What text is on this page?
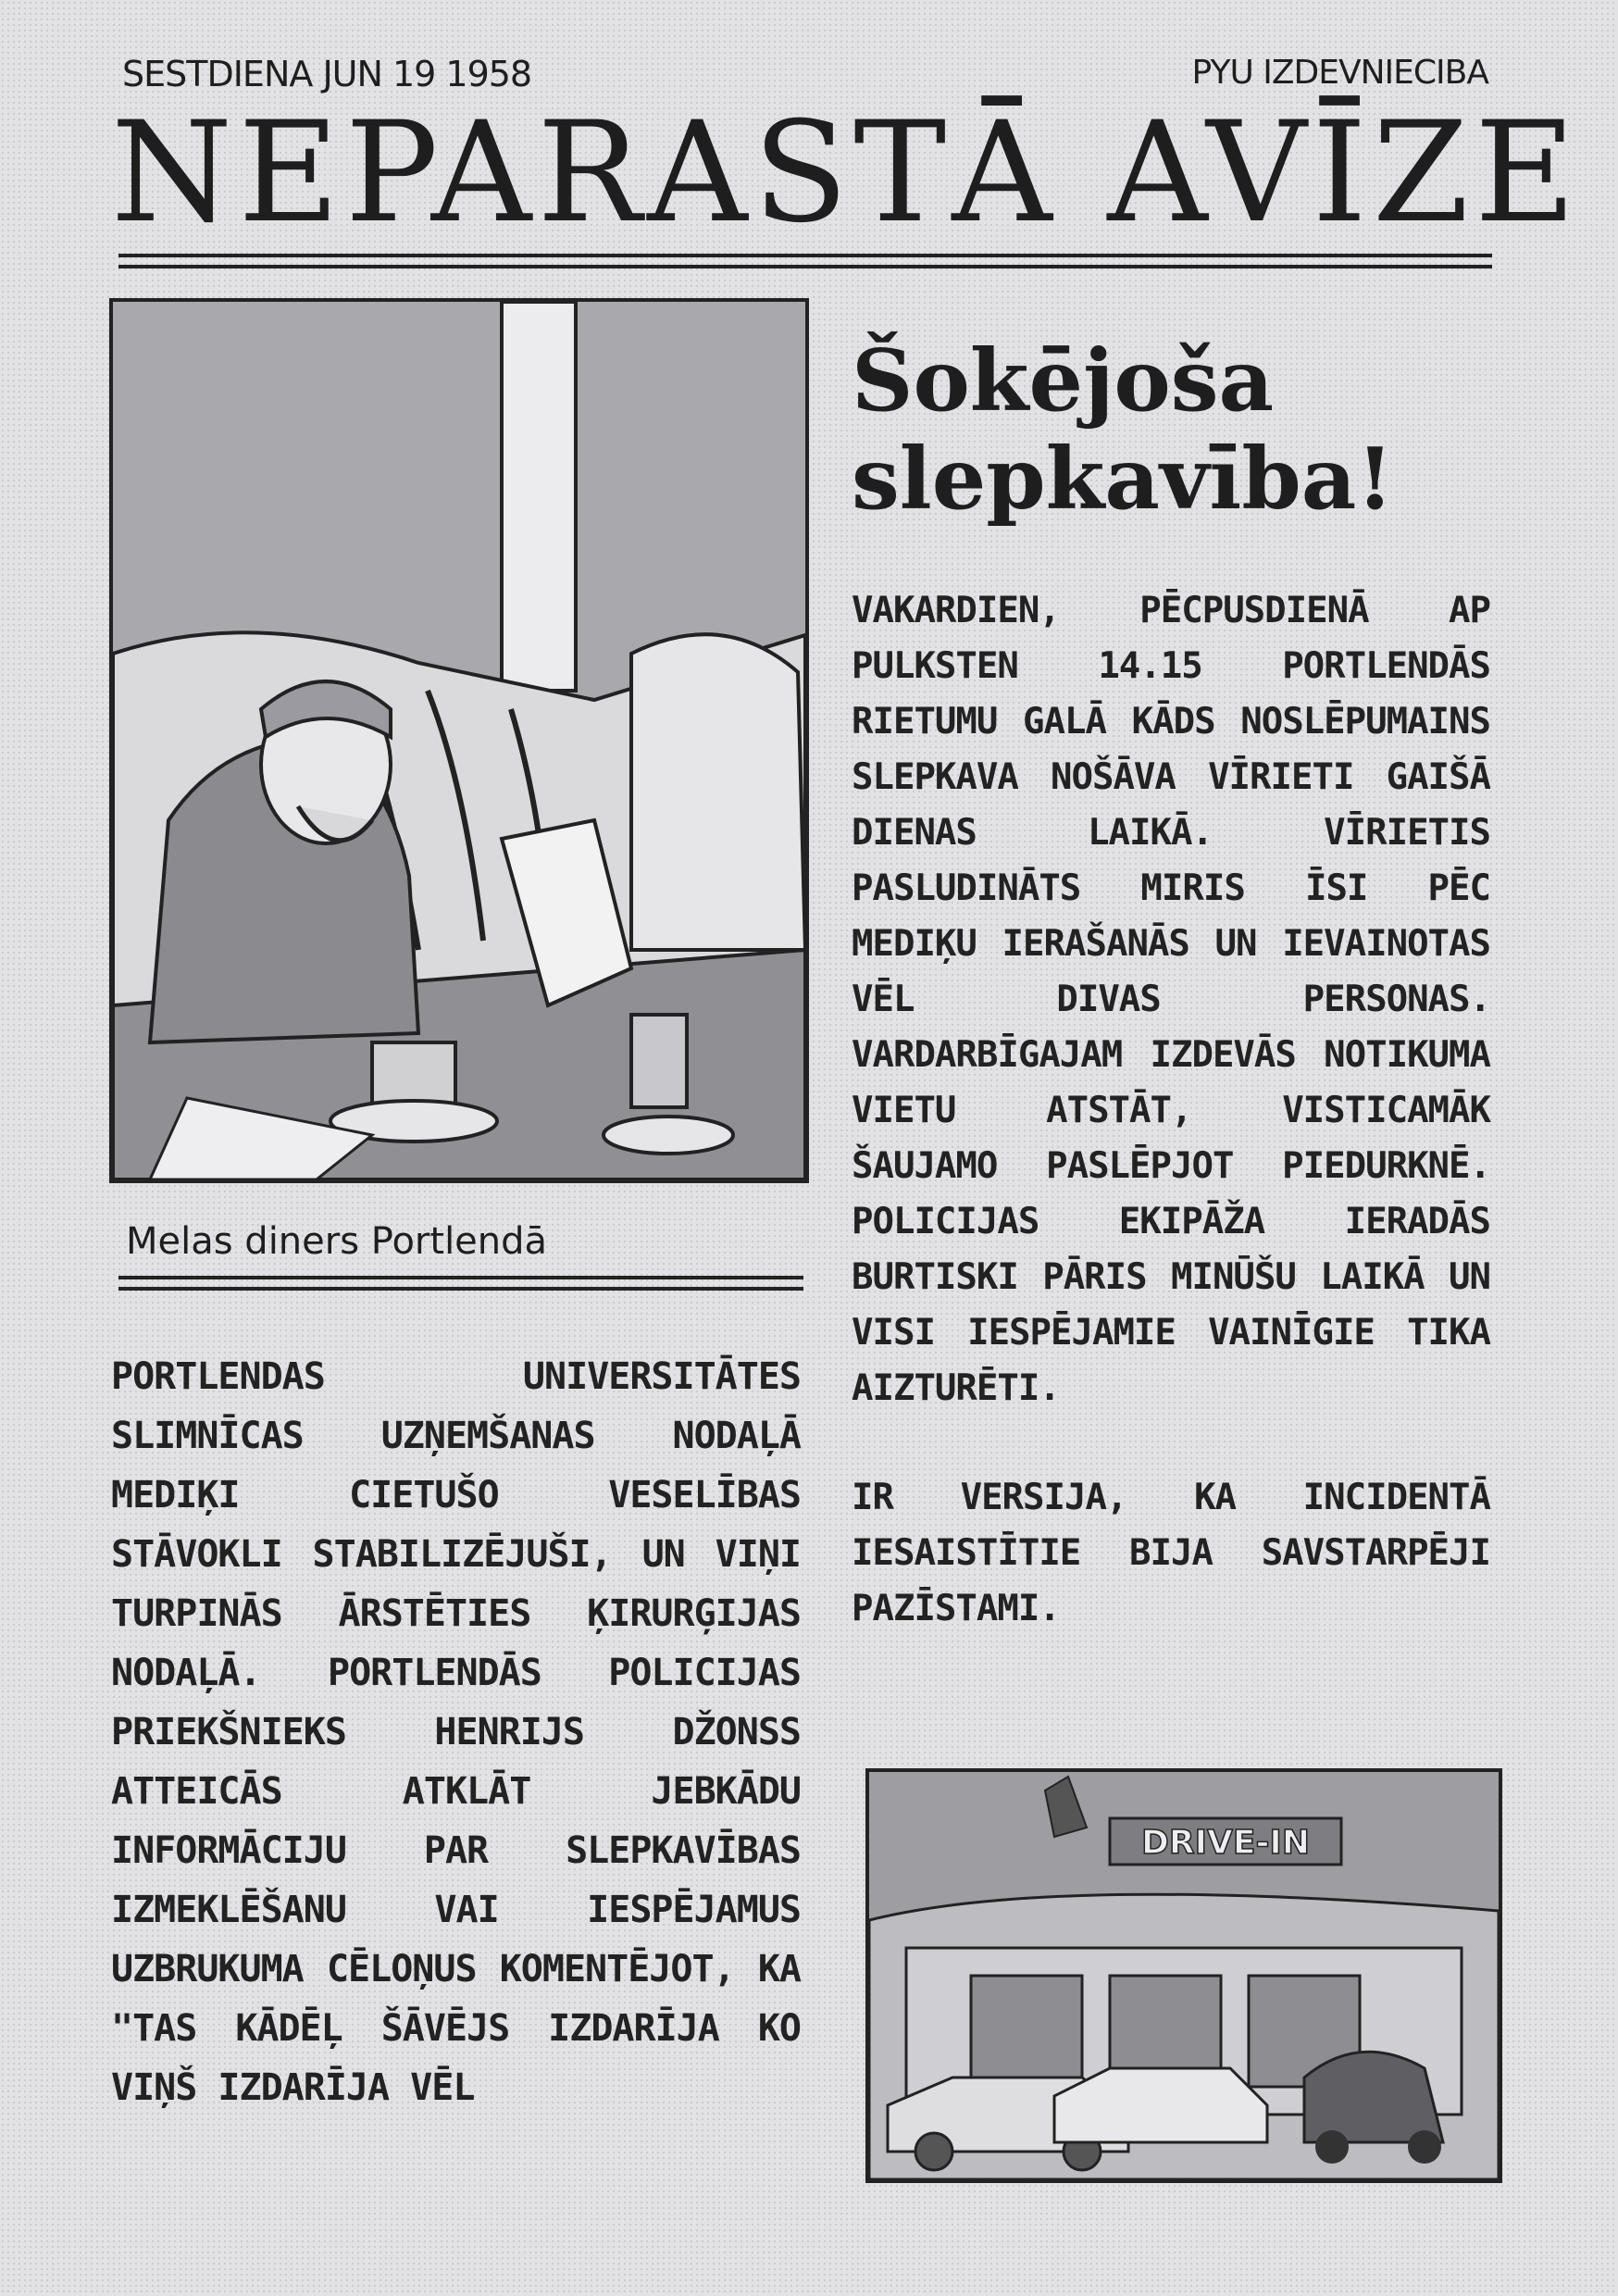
SESTDIENA JUN 19 1958	PYU IZDEVNIECIBA
NEPARASTĀ AVĪZE
Melas diners Portlendā
Šokējoša slepkavība!

VAKARDIEN, PĒCPUSDIENĀ AP PULKSTEN 14.15 PORTLENDĀS RIETUMU GALĀ KĀDS NOSLĒPUMAINS SLEPKAVA NOŠĀVA VĪRIETI GAIŠĀ DIENAS LAIKĀ. VĪRIETIS PASLUDINĀTS MIRIS ĪSI PĒC MEDIĶU IERAŠANĀS UN IEVAINOTAS VĒL DIVAS PERSONAS. VARDARBĪGAJAM IZDEVĀS NOTIKUMA VIETU ATSTĀT, VISTICAMĀK ŠAUJAMO PASLĒPJOT PIEDURKNĒ. POLICIJAS EKIPĀŽA IERADĀS BURTISKI PĀRIS MINŪŠU LAIKĀ UN VISI IESPĒJAMIE VAINĪGIE TIKA AIZTURĒTI.

IR VERSIJA, KA INCIDENTĀ IESAISTĪTIE BIJA SAVSTARPĒJI PAZĪSTAMI.

PORTLENDAS UNIVERSITĀTES SLIMNĪCAS UZŅEMŠANAS NODAĻĀ MEDIĶI CIETUŠO VESELĪBAS STĀVOKLI STABILIZĒJUŠI, UN VIŅI TURPINĀS ĀRSTĒTIES ĶIRURĢIJAS NODAĻĀ. PORTLENDĀS POLICIJAS PRIEKŠNIEKS HENRIJS DŽONSS ATTEICĀS ATKLĀT JEBKĀDU INFORMĀCIJU PAR SLEPKAVĪBAS IZMEKLĒŠANU VAI IESPĒJAMUS UZBRUKUMA CĒLOŅUS KOMENTĒJOT, KA "TAS KĀDĒĻ ŠĀVĒJS IZDARĪJA KO VIŅŠ IZDARĪJA VĒL

DRIVE-IN
